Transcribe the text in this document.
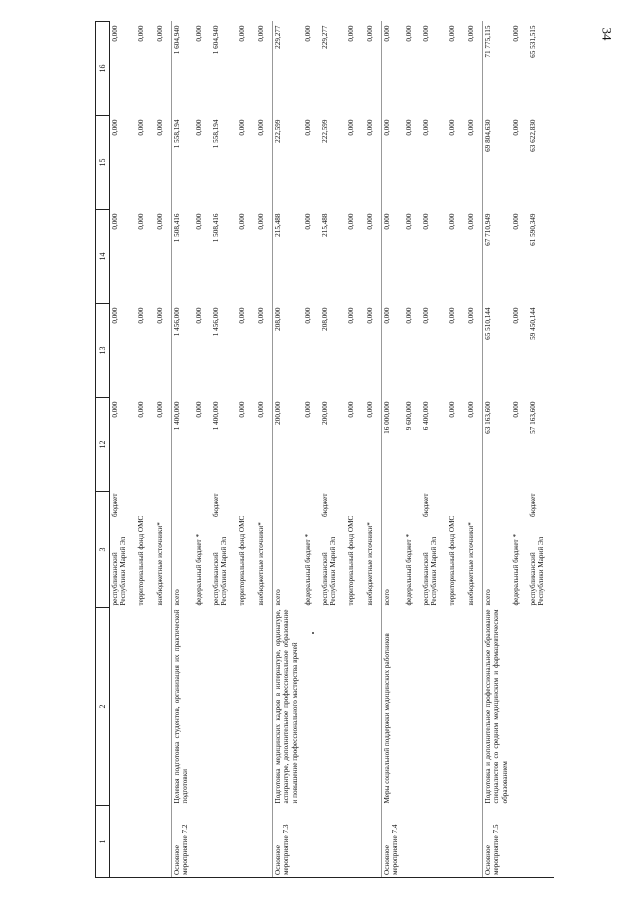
34
1	2	3	12	13	14	15	16
		республиканский бюджет Республики Марий Эл	0,000	0,000	0,000	0,000	0,000
		территориальный фонд ОМС	0,000	0,000	0,000	0,000	0,000
		внебюджетные источники*	0,000	0,000	0,000	0,000	0,000
Основное мероприятие 7.2	Целевая подготовка студентов, организация их практической подготовки	всего	1 400,000	1 456,000	1 508,416	1 558,194	1 604,940
		федеральный бюджет *	0,000	0,000	0,000	0,000	0,000
		республиканский бюджет Республики Марий Эл	1 400,000	1 456,000	1 508,416	1 558,194	1 604,940
		территориальный фонд ОМС	0,000	0,000	0,000	0,000	0,000
		внебюджетные источники*	0,000	0,000	0,000	0,000	0,000
Основное мероприятие 7.3	Подготовка медицинских кадров в интернатуре, ординатуре, аспирантуре, дополнительное профессиональное образование и повышение профессионального мастерства врачей	всего	200,000	208,000	215,488	222,599	229,277
		федеральный бюджет *	0,000	0,000	0,000	0,000	0,000
		республиканский бюджет Республики Марий Эл	200,000	208,000	215,488	222,599	229,277
		территориальный фонд ОМС	0,000	0,000	0,000	0,000	0,000
		внебюджетные источники*	0,000	0,000	0,000	0,000	0,000
Основное мероприятие 7.4	Меры социальной поддержки медицинских работников	всего	16 000,000	0,000	0,000	0,000	0,000
		федеральный бюджет *	9 600,000	0,000	0,000	0,000	0,000
		республиканский бюджет Республики Марий Эл	6 400,000	0,000	0,000	0,000	0,000
		территориальный фонд ОМС	0,000	0,000	0,000	0,000	0,000
		внебюджетные источники*	0,000	0,000	0,000	0,000	0,000
Основное мероприятие 7.5	Подготовка и дополнительное профессиональное образование специалистов со средним медицинским и фармацевтическим образованием	всего	63 163,600	65 510,144	67 710,949	69 804,630	71 775,115
		федеральный бюджет *	0,000	0,000	0,000	0,000	0,000
		республиканский бюджет Республики Марий Эл	57 163,600	59 450,144	61 590,349	63 622,830	65 531,515
